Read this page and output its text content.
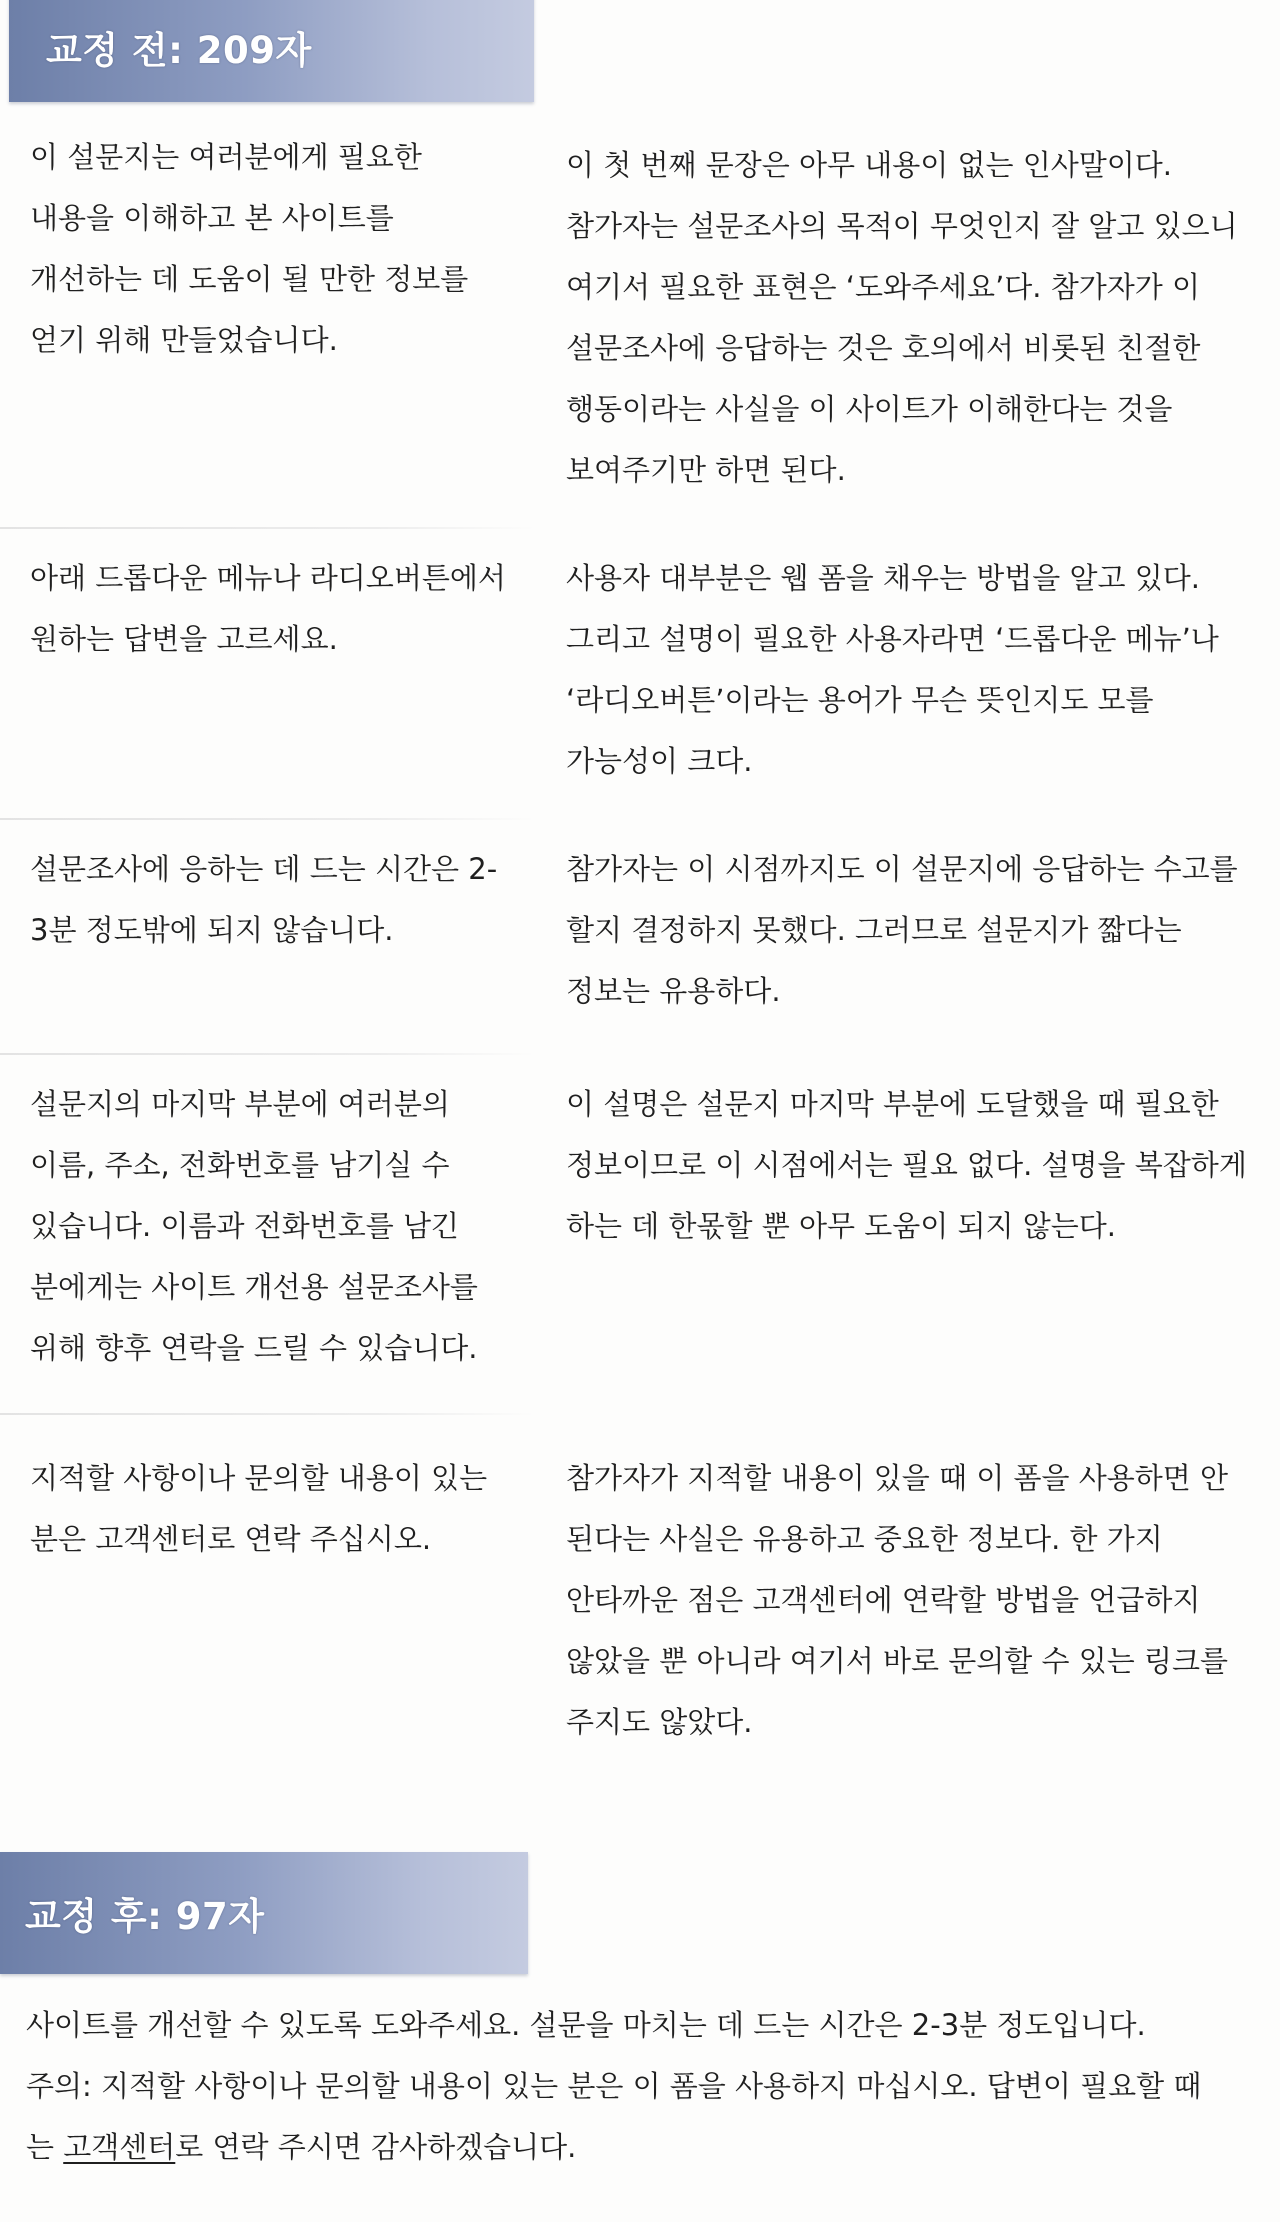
교정 전: 209자
이 설문지는 여러분에게 필요한 내용을 이해하고 본 사이트를 개선하는 데 도움이 될 만한 정보를 얻기 위해 만들었습니다.
이 첫 번째 문장은 아무 내용이 없는 인사말이다. 참가자는 설문조사의 목적이 무엇인지 잘 알고 있으니 여기서 필요한 표현은 ‘도와주세요’다. 참가자가 이 설문조사에 응답하는 것은 호의에서 비롯된 친절한 행동이라는 사실을 이 사이트가 이해한다는 것을 보여주기만 하면 된다.
아래 드롭다운 메뉴나 라디오버튼에서 원하는 답변을 고르세요.
사용자 대부분은 웹 폼을 채우는 방법을 알고 있다. 그리고 설명이 필요한 사용자라면 ‘드롭다운 메뉴’나 ‘라디오버튼’이라는 용어가 무슨 뜻인지도 모를 가능성이 크다.
설문조사에 응하는 데 드는 시간은 2-3분 정도밖에 되지 않습니다.
참가자는 이 시점까지도 이 설문지에 응답하는 수고를 할지 결정하지 못했다. 그러므로 설문지가 짧다는 정보는 유용하다.
설문지의 마지막 부분에 여러분의 이름, 주소, 전화번호를 남기실 수 있습니다. 이름과 전화번호를 남긴 분에게는 사이트 개선용 설문조사를 위해 향후 연락을 드릴 수 있습니다.
이 설명은 설문지 마지막 부분에 도달했을 때 필요한 정보이므로 이 시점에서는 필요 없다. 설명을 복잡하게 하는 데 한몫할 뿐 아무 도움이 되지 않는다.
지적할 사항이나 문의할 내용이 있는 분은 고객센터로 연락 주십시오.
참가자가 지적할 내용이 있을 때 이 폼을 사용하면 안 된다는 사실은 유용하고 중요한 정보다. 한 가지 안타까운 점은 고객센터에 연락할 방법을 언급하지 않았을 뿐 아니라 여기서 바로 문의할 수 있는 링크를 주지도 않았다.
교정 후: 97자

사이트를 개선할 수 있도록 도와주세요. 설문을 마치는 데 드는 시간은 2-3분 정도입니다.

주의: 지적할 사항이나 문의할 내용이 있는 분은 이 폼을 사용하지 마십시오. 답변이 필요할 때

는 고객센터로 연락 주시면 감사하겠습니다.
